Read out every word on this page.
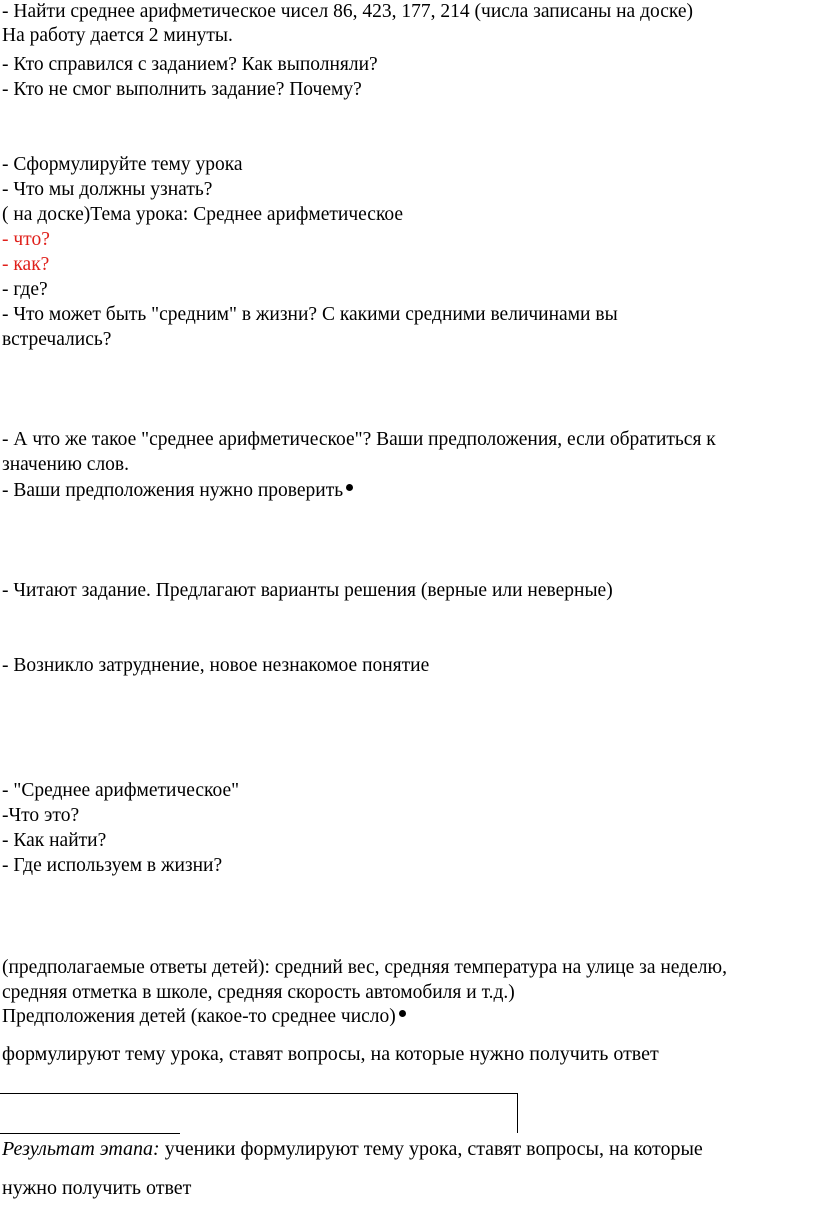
- Найти среднее арифметическое чисел 86, 423, 177, 214 (числа записаны на доске)

На работу дается 2 минуты.

- Кто справился с заданием? Как выполняли?

- Кто не смог выполнить задание? Почему?

- Сформулируйте тему урока

- Что мы должны узнать?

( на доске)Тема урока: Среднее арифметическое

- что?

- как?

- где?

- Что может быть "средним" в жизни? С какими средними величинами вы

встречались?

- А что же такое "среднее арифметическое"? Ваши предположения, если обратиться к

значению слов.

- Ваши предположения нужно проверить

- Читают задание. Предлагают варианты решения (верные или неверные)

- Возникло затруднение, новое незнакомое понятие

- "Среднее арифметическое"

-Что это?

- Как найти?

- Где используем в жизни?

(предполагаемые ответы детей): средний вес, средняя температура на улице за неделю,

средняя отметка в школе, средняя скорость автомобиля и т.д.)

Предположения детей (какое-то среднее число)

формулируют тему урока, ставят вопросы, на которые нужно получить ответ

Результат этапа: ученики формулируют тему урока, ставят вопросы, на которые

нужно получить ответ
